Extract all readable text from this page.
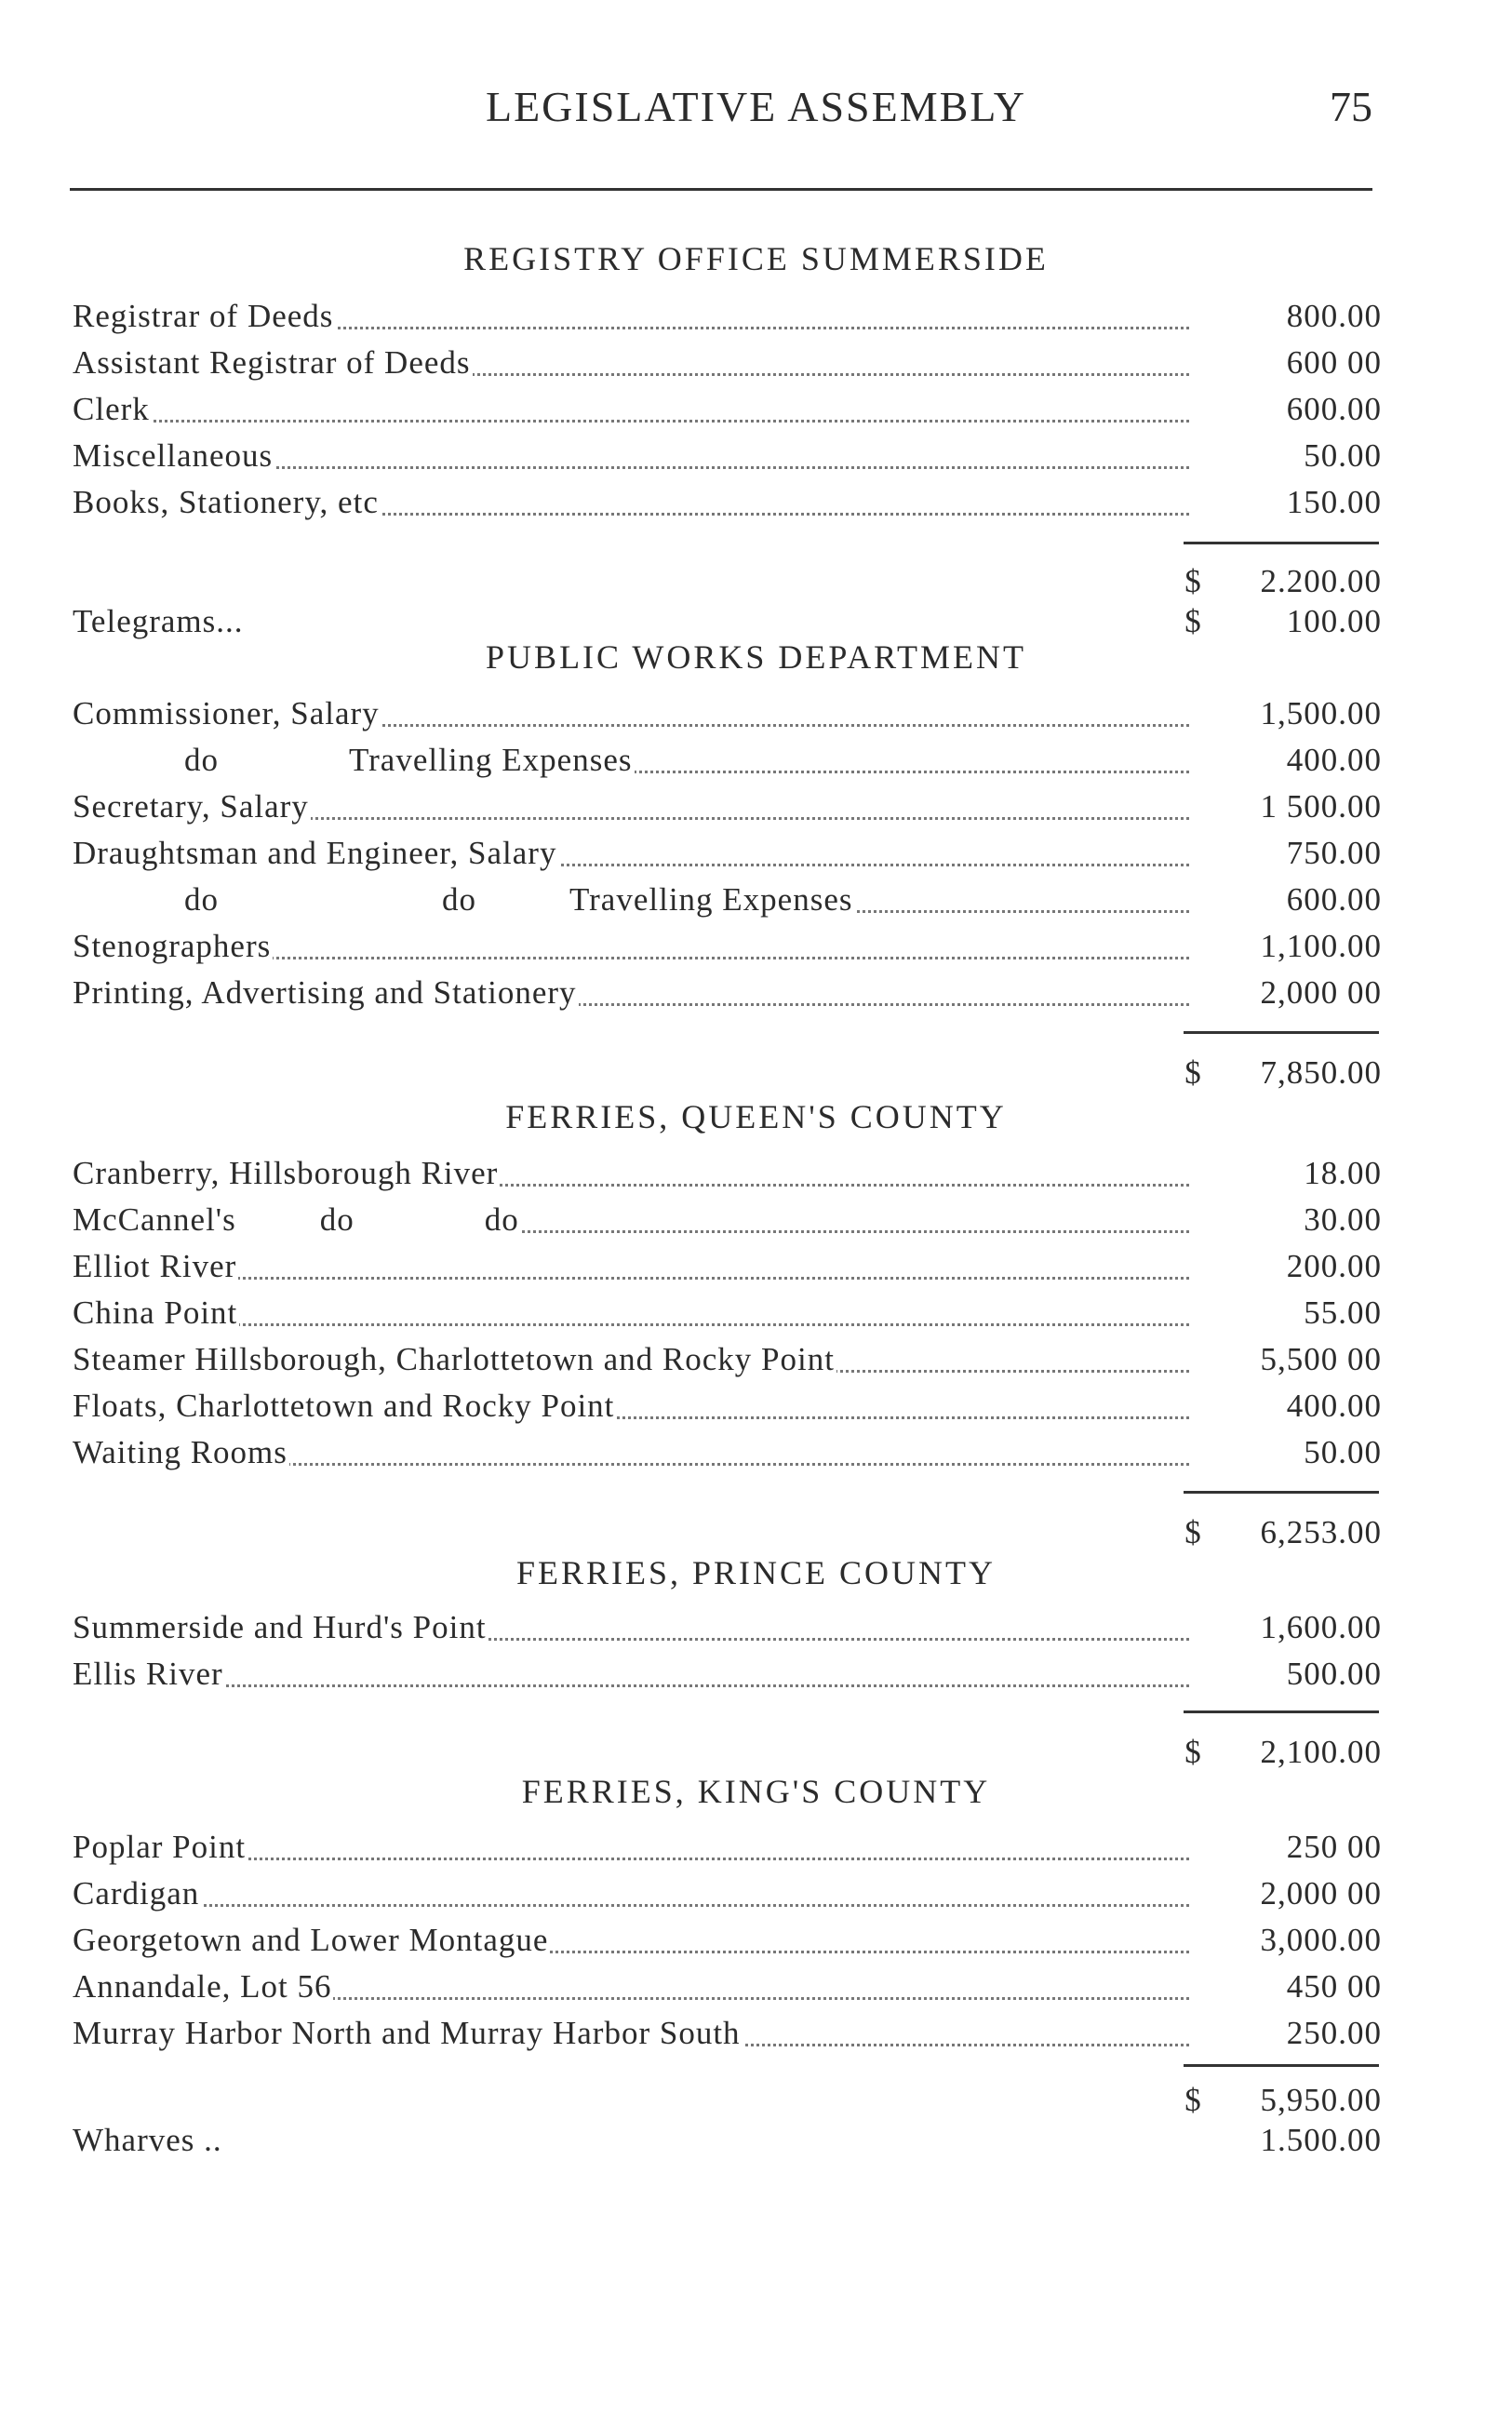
LEGISLATIVE ASSEMBLY	75
REGISTRY OFFICE SUMMERSIDE
Registrar of Deeds	800.00
Assistant Registrar of Deeds	600 00
Clerk	600.00
Miscellaneous	50.00
Books, Stationery, etc	150.00
$	2.200.00
Telegrams...	$	100.00
PUBLIC WORKS DEPARTMENT
Commissioner, Salary	1,500.00
do	Travelling Expenses	400.00
Secretary, Salary	1 500.00
Draughtsman and Engineer, Salary	750.00
do	do	Travelling Expenses	600.00
Stenographers	1,100.00
Printing, Advertising and Stationery	2,000 00
$	7,850.00
FERRIES, QUEEN'S COUNTY
Cranberry, Hillsborough River	18.00
McCannel's	do	do	30.00
Elliot River	200.00
China Point	55.00
Steamer Hillsborough, Charlottetown and Rocky Point	5,500 00
Floats, Charlottetown and Rocky Point	400.00
Waiting Rooms	50.00
$	6,253.00
FERRIES, PRINCE COUNTY
Summerside and Hurd's Point	1,600.00
Ellis River	500.00
$	2,100.00
FERRIES, KING'S COUNTY
Poplar Point	250 00
Cardigan	2,000 00
Georgetown and Lower Montague	3,000.00
Annandale, Lot 56	450 00
Murray Harbor North and Murray Harbor South	250.00
$	5,950.00
Wharves ..	1.500.00
